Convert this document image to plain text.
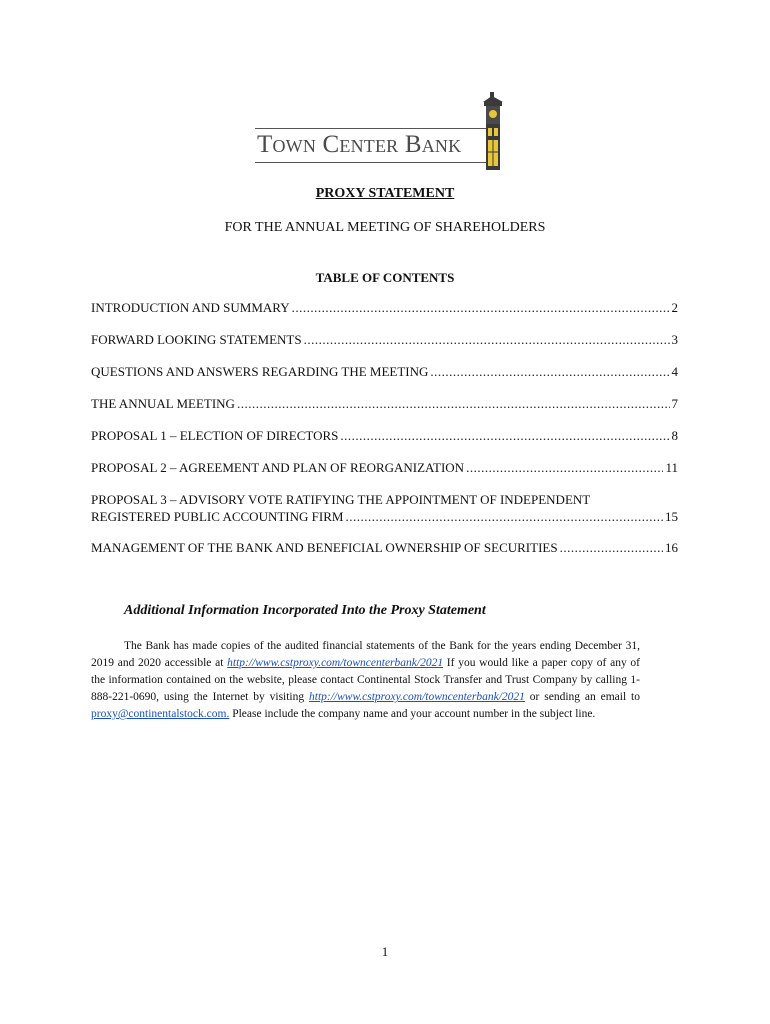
Town Center Bank
PROXY STATEMENT
FOR THE ANNUAL MEETING OF SHAREHOLDERS
TABLE OF CONTENTS
INTRODUCTION AND SUMMARY .....	2
FORWARD LOOKING STATEMENTS .....	3
QUESTIONS AND ANSWERS REGARDING THE MEETING .....	4
THE ANNUAL MEETING .....	7
PROPOSAL 1 – ELECTION OF DIRECTORS .....	8
PROPOSAL 2 – AGREEMENT AND PLAN OF REORGANIZATION .....	11
PROPOSAL 3 – ADVISORY VOTE RATIFYING THE APPOINTMENT OF INDEPENDENT
REGISTERED PUBLIC ACCOUNTING FIRM .....	15
MANAGEMENT OF THE BANK AND BENEFICIAL OWNERSHIP OF SECURITIES .....	16
Additional Information Incorporated Into the Proxy Statement
The Bank has made copies of the audited financial statements of the Bank for the years ending December 31, 2019 and 2020 accessible at http://www.cstproxy.com/towncenterbank/2021 If you would like a paper copy of any of the information contained on the website, please contact Continental Stock Transfer and Trust Company by calling 1-888-221-0690, using the Internet by visiting http://www.cstproxy.com/towncenterbank/2021 or sending an email to proxy@continentalstock.com. Please include the company name and your account number in the subject line.
1
